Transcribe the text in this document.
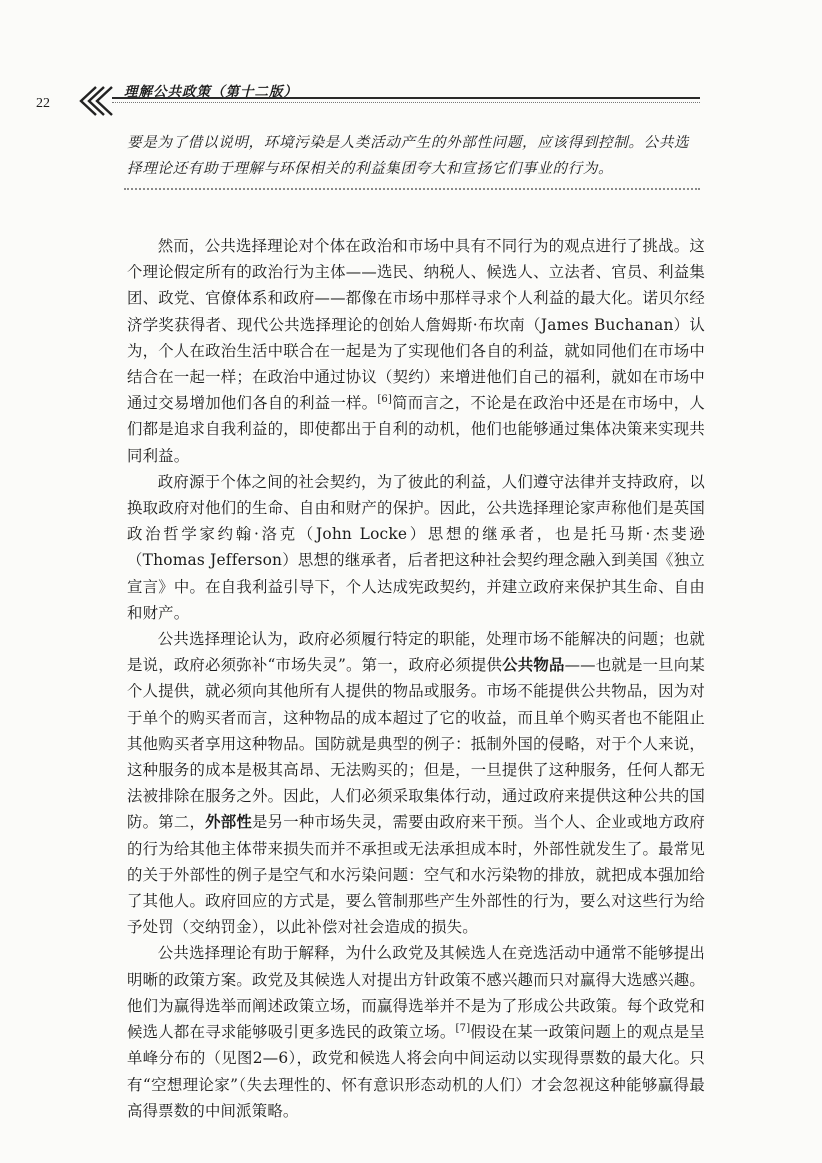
22
理解公共政策（第十二版）

要是为了借以说明，环境污染是人类活动产生的外部性问题，应该得到控制。公共选择理论还有助于理解与环保相关的利益集团夸大和宣扬它们事业的行为。

然而，公共选择理论对个体在政治和市场中具有不同行为的观点进行了挑战。这个理论假定所有的政治行为主体——选民、纳税人、候选人、立法者、官员、利益集团、政党、官僚体系和政府——都像在市场中那样寻求个人利益的最大化。诺贝尔经济学奖获得者、现代公共选择理论的创始人詹姆斯·布坎南（James Buchanan）认为，个人在政治生活中联合在一起是为了实现他们各自的利益，就如同他们在市场中结合在一起一样；在政治中通过协议（契约）来增进他们自己的福利，就如在市场中通过交易增加他们各自的利益一样。[6]简而言之，不论是在政治中还是在市场中，人们都是追求自我利益的，即使都出于自利的动机，他们也能够通过集体决策来实现共同利益。

政府源于个体之间的社会契约，为了彼此的利益，人们遵守法律并支持政府，以换取政府对他们的生命、自由和财产的保护。因此，公共选择理论家声称他们是英国政治哲学家约翰·洛克（John Locke）思想的继承者，也是托马斯·杰斐逊（Thomas Jefferson）思想的继承者，后者把这种社会契约理念融入到美国《独立宣言》中。在自我利益引导下，个人达成宪政契约，并建立政府来保护其生命、自由和财产。

公共选择理论认为，政府必须履行特定的职能，处理市场不能解决的问题；也就是说，政府必须弥补“市场失灵”。第一，政府必须提供公共物品——也就是一旦向某个人提供，就必须向其他所有人提供的物品或服务。市场不能提供公共物品，因为对于单个的购买者而言，这种物品的成本超过了它的收益，而且单个购买者也不能阻止其他购买者享用这种物品。国防就是典型的例子：抵制外国的侵略，对于个人来说，这种服务的成本是极其高昂、无法购买的；但是，一旦提供了这种服务，任何人都无法被排除在服务之外。因此，人们必须采取集体行动，通过政府来提供这种公共的国防。第二，外部性是另一种市场失灵，需要由政府来干预。当个人、企业或地方政府的行为给其他主体带来损失而并不承担或无法承担成本时，外部性就发生了。最常见的关于外部性的例子是空气和水污染问题：空气和水污染物的排放，就把成本强加给了其他人。政府回应的方式是，要么管制那些产生外部性的行为，要么对这些行为给予处罚（交纳罚金），以此补偿对社会造成的损失。

公共选择理论有助于解释，为什么政党及其候选人在竞选活动中通常不能够提出明晰的政策方案。政党及其候选人对提出方针政策不感兴趣而只对赢得大选感兴趣。他们为赢得选举而阐述政策立场，而赢得选举并不是为了形成公共政策。每个政党和候选人都在寻求能够吸引更多选民的政策立场。[7]假设在某一政策问题上的观点是呈单峰分布的（见图2—6），政党和候选人将会向中间运动以实现得票数的最大化。只有“空想理论家”（失去理性的、怀有意识形态动机的人们）才会忽视这种能够赢得最高得票数的中间派策略。
